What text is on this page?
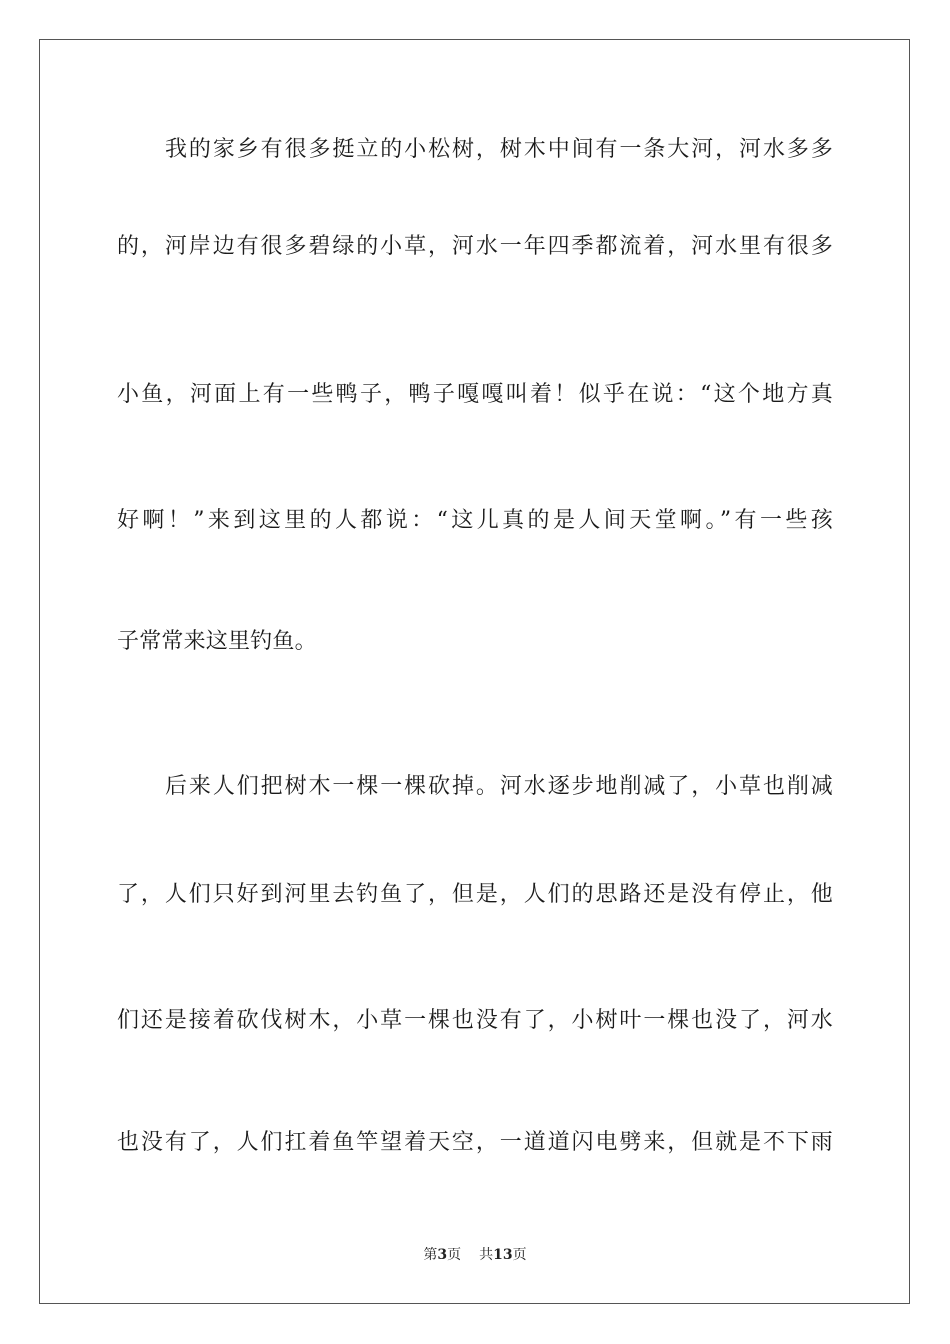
我的家乡有很多挺立的小松树，树木中间有一条大河，河水多多
的，河岸边有很多碧绿的小草，河水一年四季都流着，河水里有很多
小鱼，河面上有一些鸭子，鸭子嘎嘎叫着！似乎在说：“这个地方真
好啊！”来到这里的人都说：“这儿真的是人间天堂啊。”有一些孩
子常常来这里钓鱼。
后来人们把树木一棵一棵砍掉。河水逐步地削减了，小草也削减
了，人们只好到河里去钓鱼了，但是，人们的思路还是没有停止，他
们还是接着砍伐树木，小草一棵也没有了，小树叶一棵也没了，河水
也没有了，人们扛着鱼竿望着天空，一道道闪电劈来，但就是不下雨
第3页 共13页
